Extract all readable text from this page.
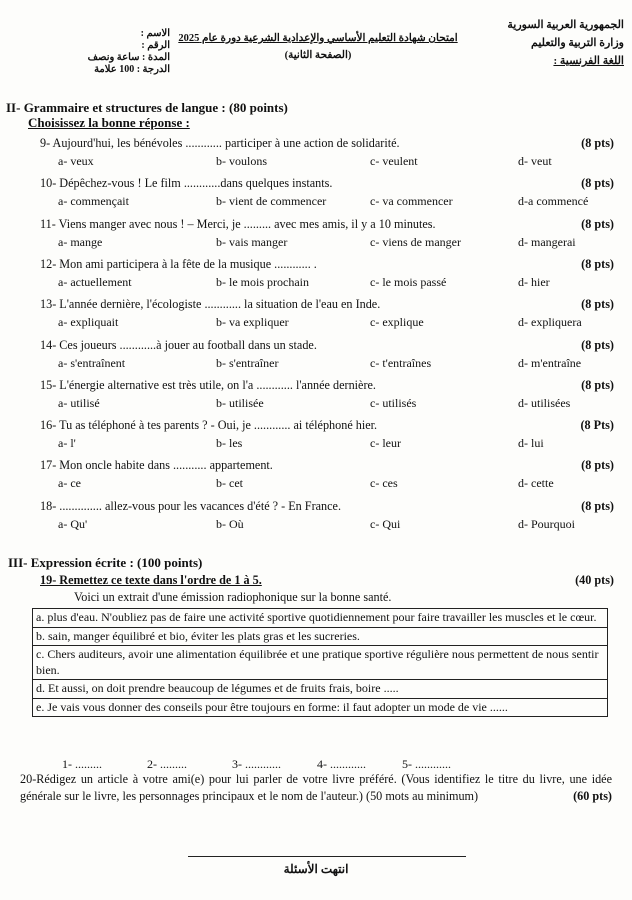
الجمهورية العربية السورية
وزارة التربية والتعليم
اللغة الفرنسية :
امتحان شهادة التعليم الأساسي والإعدادية الشرعية دورة عام 2025
(الصفحة الثانية)
الاسم :
الرقم :
المدة : ساعة ونصف
الدرجة : 100 علامة
II- Grammaire et structures de langue : (80 points)
Choisissez la bonne réponse :
9- Aujourd'hui, les bénévoles ............ participer à une action de solidarité.	(8 pts)
a- veux	b- voulons	c- veulent	d- veut
10- Dépêchez-vous ! Le film ............dans quelques instants.	(8 pts)
a- commençait	b- vient de commencer	c- va commencer	d-a commencé
11- Viens manger avec nous ! – Merci, je ......... avec mes amis, il y a 10 minutes.	(8 pts)
a- mange	b- vais manger	c- viens de manger	d- mangerai
12- Mon ami participera à la fête de la musique ............ .	(8 pts)
a- actuellement	b- le mois prochain	c- le mois passé	d- hier
13- L'année dernière, l'écologiste ............ la situation de l'eau en Inde.	(8 pts)
a- expliquait	b- va expliquer	c- explique	d- expliquera
14- Ces joueurs ............à jouer au football dans un stade.	(8 pts)
a- s'entraînent	b- s'entraîner	c- t'entraînes	d- m'entraîne
15- L'énergie alternative est très utile, on l'a ............ l'année dernière.	(8 pts)
a- utilisé	b- utilisée	c- utilisés	d- utilisées
16- Tu as téléphoné à tes parents ? - Oui, je ............ ai téléphoné hier.	(8 Pts)
a- l'	b- les	c- leur	d- lui
17- Mon oncle habite dans ........... appartement.	(8 pts)
a- ce	b- cet	c- ces	d- cette
18- .............. allez-vous pour les vacances d'été ? - En France.	(8 pts)
a- Qu'	b- Où	c- Qui	d- Pourquoi
III- Expression écrite : (100 points)
19- Remettez ce texte dans l'ordre de 1 à 5.	(40 pts)
Voici un extrait d'une émission radiophonique sur la bonne santé.
a. plus d'eau. N'oubliez pas de faire une activité sportive quotidiennement pour faire travailler les muscles et le cœur.
b. sain, manger équilibré et bio, éviter les plats gras et les sucreries.
c. Chers auditeurs, avoir une alimentation équilibrée et une pratique sportive régulière nous permettent de nous sentir bien.
d. Et aussi, on doit prendre beaucoup de légumes et de fruits frais, boire .....
e. Je vais vous donner des conseils pour être toujours en forme: il faut adopter un mode de vie ......
1- .........	2- .........	3- ............	4- ............	5- ............
20-Rédigez un article à votre ami(e) pour lui parler de votre livre préféré. (Vous identifiez le titre du livre, une idée générale sur le livre, les personnages principaux et le nom de l'auteur.) (50 mots au minimum)	(60 pts)
انتهت الأسئلة
